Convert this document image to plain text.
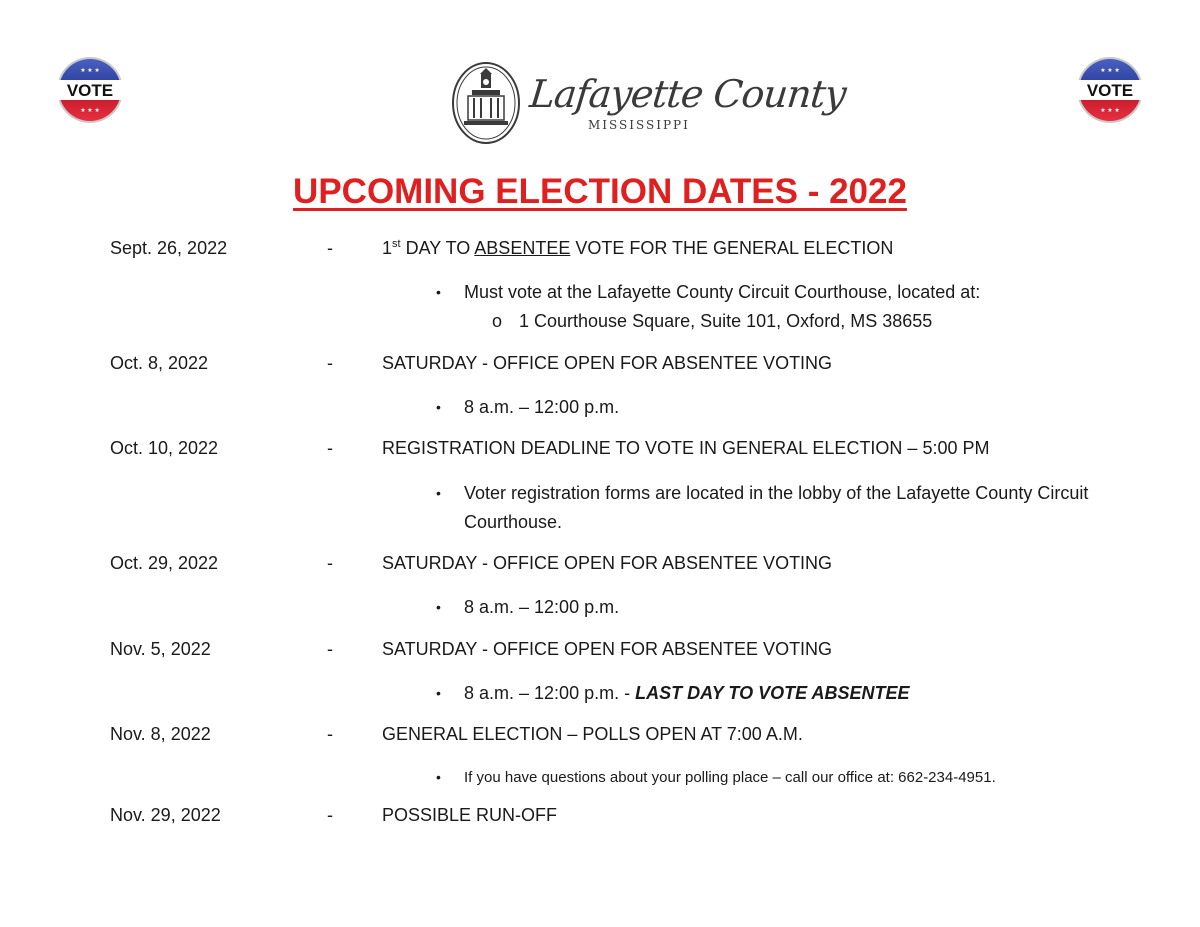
VOTE
★ ★ ★
★ ★ ★
VOTE
★ ★ ★
★ ★ ★
Lafayette County
MISSISSIPPI
UPCOMING ELECTION DATES - 2022
Sept. 26, 2022	-	1st DAY TO ABSENTEE VOTE FOR THE GENERAL ELECTION
• Must vote at the Lafayette County Circuit Courthouse, located at:
o 1 Courthouse Square, Suite 101, Oxford, MS 38655
Oct. 8, 2022	-	SATURDAY - OFFICE OPEN FOR ABSENTEE VOTING
• 8 a.m. – 12:00 p.m.
Oct. 10, 2022	-	REGISTRATION DEADLINE TO VOTE IN GENERAL ELECTION – 5:00 PM
• Voter registration forms are located in the lobby of the Lafayette County Circuit Courthouse.
Oct. 29, 2022	-	SATURDAY - OFFICE OPEN FOR ABSENTEE VOTING
• 8 a.m. – 12:00 p.m.
Nov. 5, 2022	-	SATURDAY - OFFICE OPEN FOR ABSENTEE VOTING
• 8 a.m. – 12:00 p.m. - LAST DAY TO VOTE ABSENTEE
Nov. 8, 2022	-	GENERAL ELECTION – POLLS OPEN AT 7:00 A.M.
• If you have questions about your polling place – call our office at: 662-234-4951.
Nov. 29, 2022	-	POSSIBLE RUN-OFF
